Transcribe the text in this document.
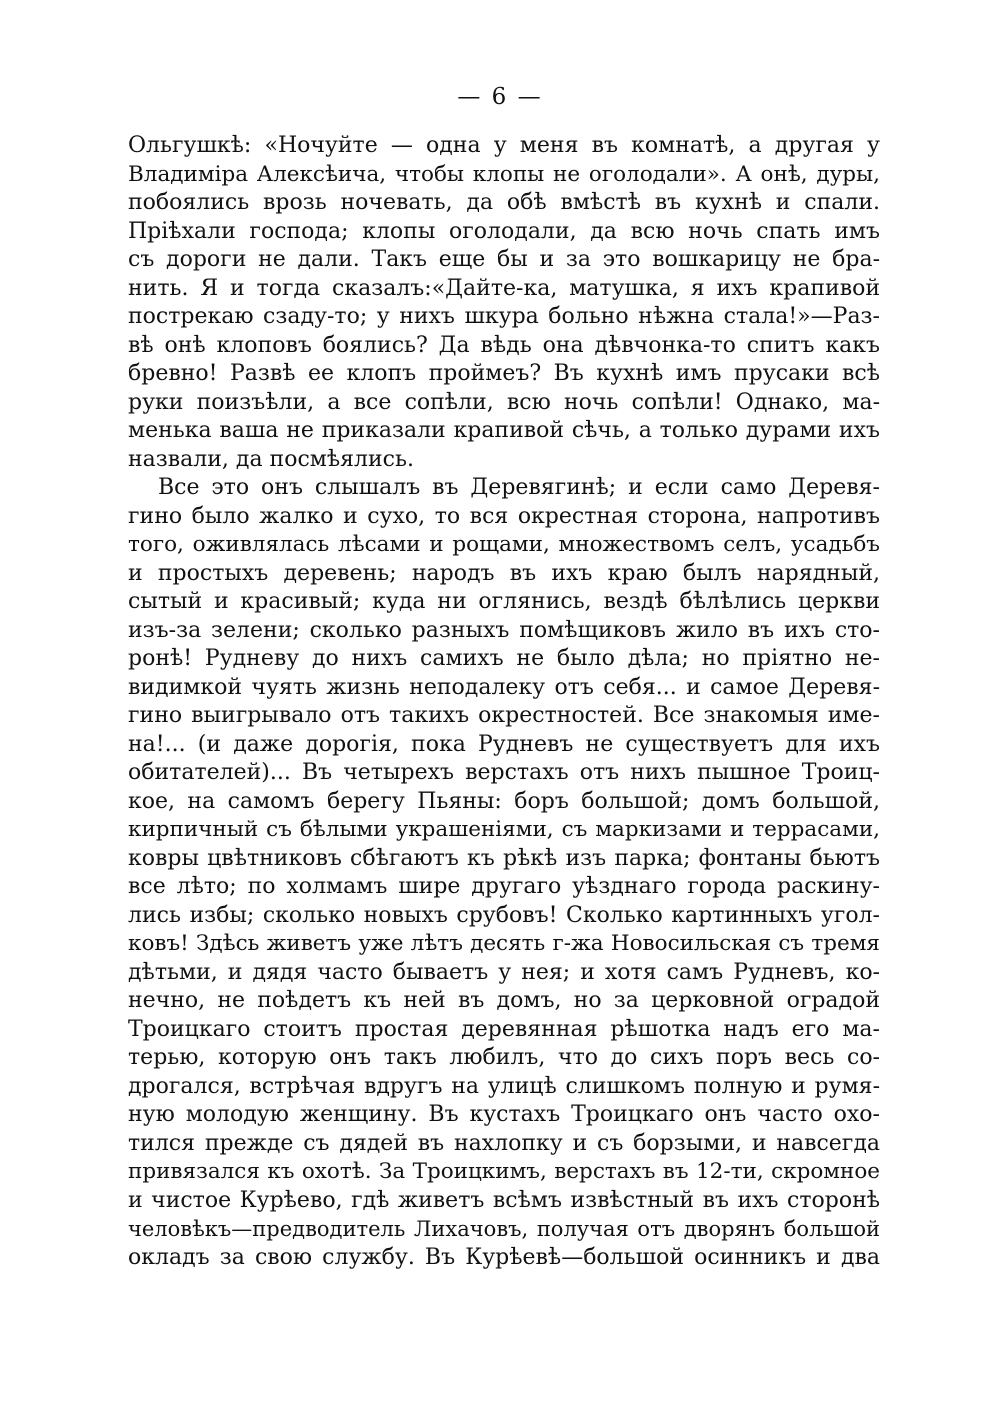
— 6 —
Ольгушкѣ: «Ночуйте — одна у меня въ комнатѣ, а другая у
Владиміра Алексѣича, чтобы клопы не оголодали». А онѣ, дуры,
побоялись врозь ночевать, да обѣ вмѣстѣ въ кухнѣ и спали.
Пріѣхали господа; клопы оголодали, да всю ночь спать имъ
съ дороги не дали. Такъ еще бы и за это вошкарицу не бра-
нить. Я и тогда сказалъ:«Дайте-ка, матушка, я ихъ крапивой
пострекаю сзаду-то; у нихъ шкура больно нѣжна стала!»—Раз-
вѣ онѣ клоповъ боялись? Да вѣдь она дѣвчонка-то спитъ какъ
бревно! Развѣ ее клопъ проймеъ? Въ кухнѣ имъ прусаки всѣ
руки поизъѣли, а все сопѣли, всю ночь сопѣли! Однако, ма-
менька ваша не приказали крапивой сѣчь, а только дурами ихъ
назвали, да посмѣялись.
Все это онъ слышалъ въ Деревягинѣ; и если само Деревя-
гино было жалко и сухо, то вся окрестная сторона, напротивъ
того, оживлялась лѣсами и рощами, множествомъ селъ, усадьбъ
и простыхъ деревень; народъ въ ихъ краю былъ нарядный,
сытый и красивый; куда ни оглянись, вездѣ бѣлѣлись церкви
изъ-за зелени; сколько разныхъ помѣщиковъ жило въ ихъ сто-
ронѣ! Рудневу до нихъ самихъ не было дѣла; но пріятно не-
видимкой чуять жизнь неподалеку отъ себя... и самое Деревя-
гино выигрывало отъ такихъ окрестностей. Все знакомыя име-
на!... (и даже дорогія, пока Рудневъ не существуетъ для ихъ
обитателей)... Въ четырехъ верстахъ отъ нихъ пышное Троиц-
кое, на самомъ берегу Пьяны: боръ большой; домъ большой,
кирпичный съ бѣлыми украшеніями, съ маркизами и террасами,
ковры цвѣтниковъ сбѣгаютъ къ рѣкѣ изъ парка; фонтаны бьютъ
все лѣто; по холмамъ шире другаго уѣзднаго города раскину-
лись избы; сколько новыхъ срубовъ! Сколько картинныхъ угол-
ковъ! Здѣсь живетъ уже лѣтъ десять г-жа Новосильская съ тремя
дѣтьми, и дядя часто бываетъ у нея; и хотя самъ Рудневъ, ко-
нечно, не поѣдетъ къ ней въ домъ, но за церковной оградой
Троицкаго стоитъ простая деревянная рѣшотка надъ его ма-
терью, которую онъ такъ любилъ, что до сихъ поръ весь со-
дрогался, встрѣчая вдругъ на улицѣ слишкомъ полную и румя-
ную молодую женщину. Въ кустахъ Троицкаго онъ часто охо-
тился прежде съ дядей въ нахлопку и съ борзыми, и навсегда
привязался къ охотѣ. За Троицкимъ, верстахъ въ 12-ти, скромное
и чистое Курѣево, гдѣ живетъ всѣмъ извѣстный въ ихъ сторонѣ
человѣкъ—предводитель Лихачовъ, получая отъ дворянъ большой
окладъ за свою службу. Въ Курѣевѣ—большой осинникъ и два
